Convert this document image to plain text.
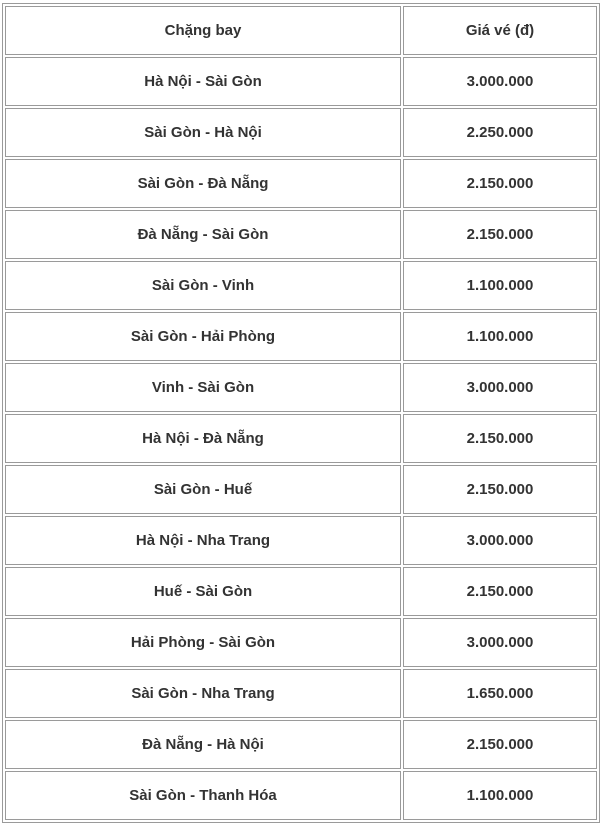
Chặng bay	Giá vé (đ)
Hà Nội - Sài Gòn	3.000.000
Sài Gòn - Hà Nội	2.250.000
Sài Gòn - Đà Nẵng	2.150.000
Đà Nẵng - Sài Gòn	2.150.000
Sài Gòn - Vinh	1.100.000
Sài Gòn - Hải Phòng	1.100.000
Vinh - Sài Gòn	3.000.000
Hà Nội - Đà Nẵng	2.150.000
Sài Gòn - Huế	2.150.000
Hà Nội - Nha Trang	3.000.000
Huế - Sài Gòn	2.150.000
Hải Phòng - Sài Gòn	3.000.000
Sài Gòn - Nha Trang	1.650.000
Đà Nẵng - Hà Nội	2.150.000
Sài Gòn - Thanh Hóa	1.100.000
